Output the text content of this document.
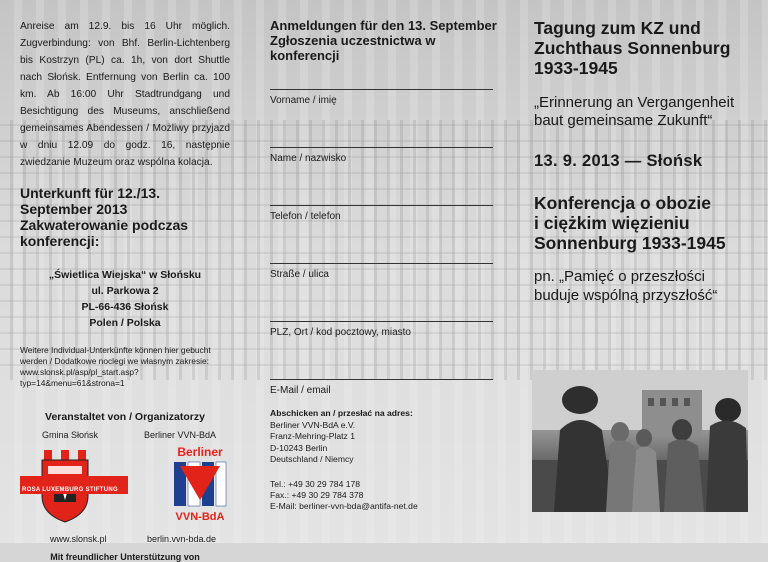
Anreise am 12.9. bis 16 Uhr möglich. Zugverbindung: von Bhf. Berlin-Lichtenberg bis Kostrzyn (PL) ca. 1h, von dort Shuttle nach Słońsk. Entfernung von Berlin ca. 100 km. Ab 16:00 Uhr Stadtrundgang und Besichtigung des Museums, anschließend gemeinsames Abendessen / Możliwy przyjazd w dniu 12.09 do godz. 16, następnie zwiedzanie Muzeum oraz wspólna kolacja.

Unterkunft für 12./13. September 2013
Zakwaterowanie podczas konferencji:
„Świetlica Wiejska“ w Słońsku
ul. Parkowa 2
PL-66-436 Słońsk
Polen / Polska

Weitere Individual-Unterkünfte können hier gebucht werden / Dodatkowe noclegi we własnym zakresie: www.slonsk.pl/asp/pl_start.asp?typ=14&menu=61&strona=1

Veranstaltet von / Organizatorzy
Gmina Słońsk	Berliner VVN-BdA
Berliner
VVN-BdA
www.slonsk.pl	berlin.vvn-bda.de
Mit freundlicher Unterstützung von
ROSA LUXEMBURG STIFTUNG
Anmeldungen für den 13. September
Zgłoszenia uczestnictwa w konferencji
Vorname / imię
Name / nazwisko
Telefon / telefon
Straße / ulica
PLZ, Ort / kod pocztowy, miasto
E-Mail / email
Abschicken an / przesłać na adres:
Berliner VVN-BdA e.V.
Franz-Mehring-Platz 1
D-10243 Berlin
Deutschland / Niemcy
Tel.: +49 30 29 784 178
Fax.: +49 30 29 784 378
E-Mail: berliner-vvn-bda@antifa-net.de
Tagung zum KZ und
Zuchthaus Sonnenburg
1933-1945
„Erinnerung an Vergangenheit
baut gemeinsame Zukunft“
13. 9. 2013 — Słońsk
Konferencja o obozie
i ciężkim więzieniu
Sonnenburg 1933-1945
pn. „Pamięć o przeszłości
buduje wspólną przyszłość“
